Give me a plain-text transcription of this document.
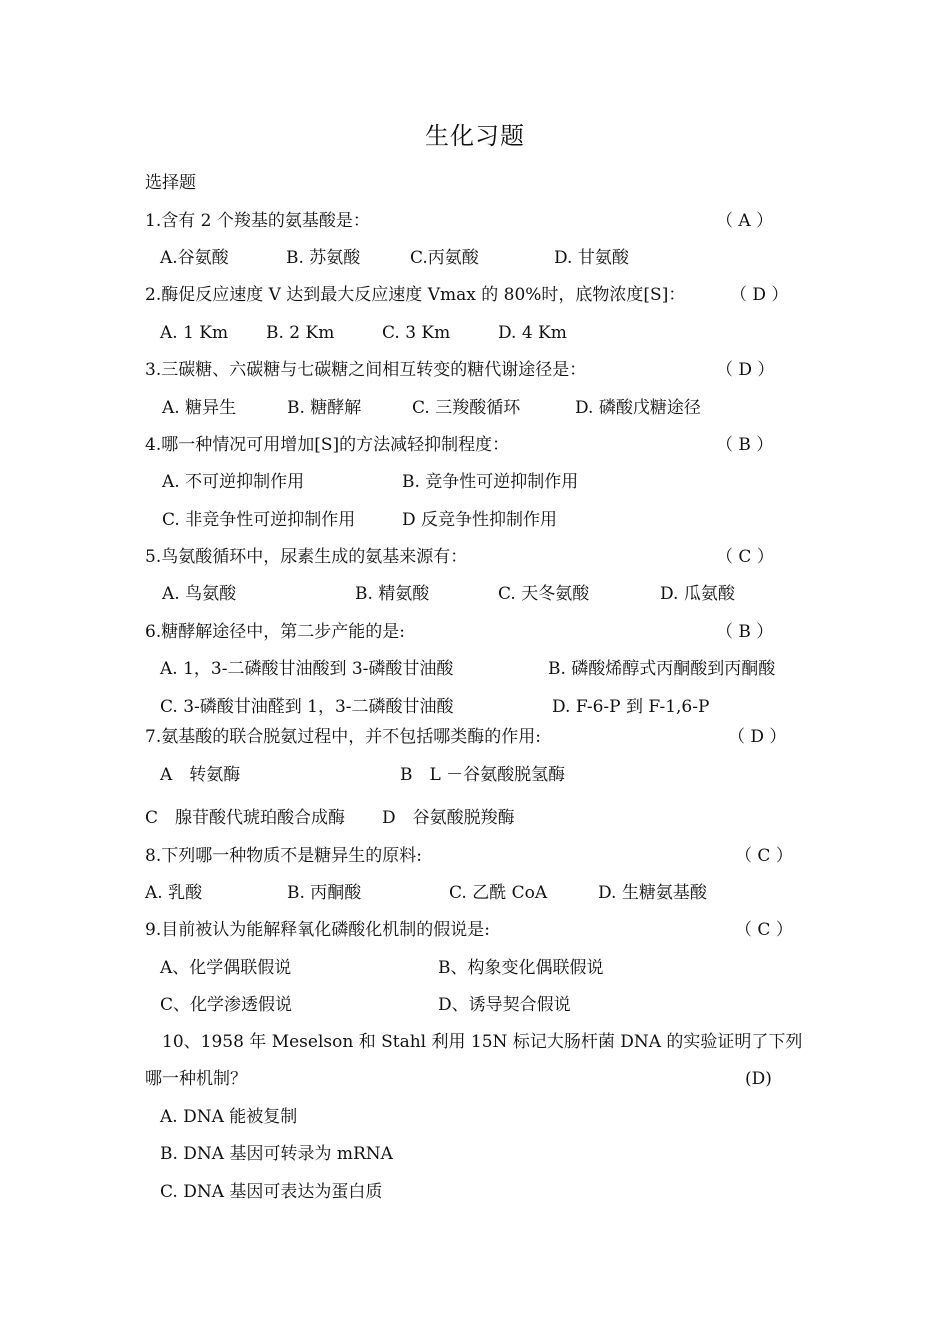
生化习题
选择题
1.含有 2 个羧基的氨基酸是：	（ A ）
A.谷氨酸	B. 苏氨酸	C.丙氨酸	D. 甘氨酸
2.酶促反应速度 V 达到最大反应速度 Vmax 的 80%时，底物浓度[S]：	（ D ）
A. 1 Km B. 2 Km	C. 3 Km	D. 4 Km
3.三碳糖、六碳糖与七碳糖之间相互转变的糖代谢途径是：	（ D ）
A. 糖异生	B. 糖酵解	C. 三羧酸循环	D. 磷酸戊糖途径
4.哪一种情况可用增加[S]的方法减轻抑制程度：	（ B ）
A. 不可逆抑制作用	B. 竞争性可逆抑制作用
C. 非竞争性可逆抑制作用	D 反竞争性抑制作用
5.鸟氨酸循环中，尿素生成的氨基来源有：	（ C ）
A. 鸟氨酸	B. 精氨酸	C. 天冬氨酸	D. 瓜氨酸
6.糖酵解途径中，第二步产能的是:	（ B ）
A. 1，3-二磷酸甘油酸到 3-磷酸甘油酸	B. 磷酸烯醇式丙酮酸到丙酮酸
C. 3-磷酸甘油醛到 1，3-二磷酸甘油酸	D. F-6-P 到 F-1,6-P
7.氨基酸的联合脱氨过程中，并不包括哪类酶的作用:	（ D ）
A　转氨酶	B　L －谷氨酸脱氢酶
C　腺苷酸代琥珀酸合成酶 D　谷氨酸脱羧酶
8.下列哪一种物质不是糖异生的原料:	（ C ）
A. 乳酸	B. 丙酮酸	C. 乙酰 CoA	D. 生糖氨基酸
9.目前被认为能解释氧化磷酸化机制的假说是:	（ C ）
A、化学偶联假说	B、构象变化偶联假说
C、化学渗透假说	D、诱导契合假说
10、1958 年 Meselson 和 Stahl 利用 15N 标记大肠杆菌 DNA 的实验证明了下列
哪一种机制？	(D)
A. DNA 能被复制
B. DNA 基因可转录为 mRNA
C. DNA 基因可表达为蛋白质
